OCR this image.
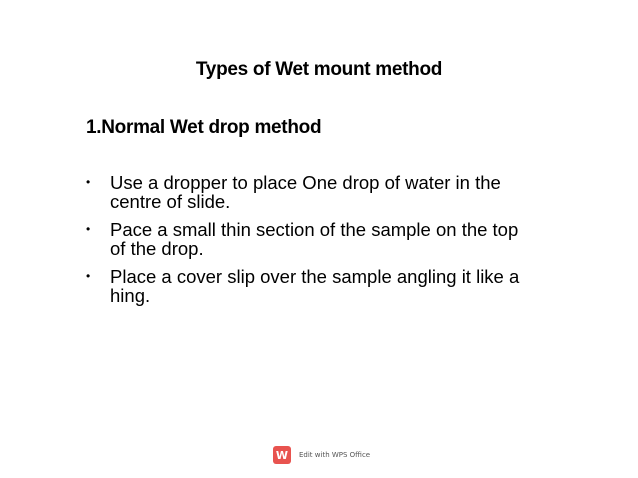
Types of Wet mount method
1.Normal Wet drop method
• Use a dropper to place One drop of water in the
centre of slide.
• Pace a small thin section of the sample on the top
of the drop.
• Place a cover slip over the sample angling it like a
hing.
W	Edit with WPS Office
